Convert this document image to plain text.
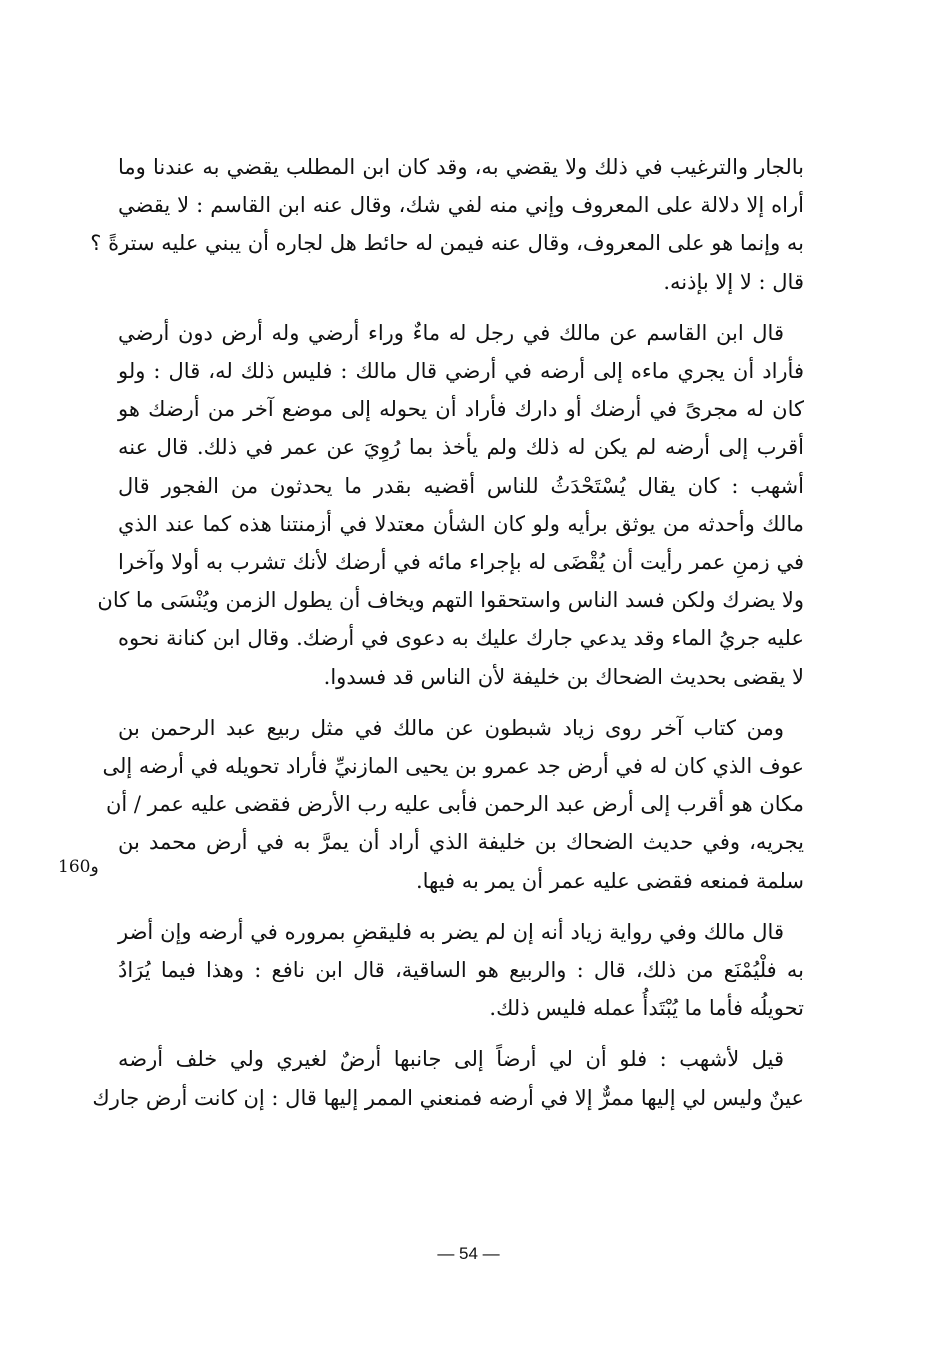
بالجار والترغيب في ذلك ولا يقضي به، وقد كان ابن المطلب يقضي به عندنا وما
أراه إلا دلالة على المعروف وإني منه لفي شك، وقال عنه ابن القاسم : لا يقضي
به وإنما هو على المعروف، وقال عنه فيمن له حائط هل لجاره أن يبني عليه سترةً ؟
قال : لا إلا بإذنه.

قال ابن القاسم عن مالك في رجل له ماءٌ وراء أرضي وله أرض دون أرضي
فأراد أن يجري ماءه إلى أرضه في أرضي قال مالك : فليس ذلك له، قال : ولو
كان له مجرىً في أرضك أو دارك فأراد أن يحوله إلى موضع آخر من أرضك هو
أقرب إلى أرضه لم يكن له ذلك ولم يأخذ بما رُوِيَ عن عمر في ذلك. قال عنه
أشهب : كان يقال يُسْتَحْدَثُ للناس أقضيه بقدر ما يحدثون من الفجور قال
مالك وأحدثه من يوثق برأيه ولو كان الشأن معتدلا في أزمنتنا هذه كما عند الذي
في زمنِ عمر رأيت أن يُقْضَى له بإجراء مائه في أرضك لأنك تشرب به أولا وآخرا
ولا يضرك ولكن فسد الناس واستحقوا التهم ويخاف أن يطول الزمن ويُنْسَى ما كان
عليه جريُ الماء وقد يدعي جارك عليك به دعوى في أرضك. وقال ابن كنانة نحوه
لا يقضى بحديث الضحاك بن خليفة لأن الناس قد فسدوا.

ومن كتاب آخر روى زياد شبطون عن مالك في مثل ربيع عبد الرحمن بن
عوف الذي كان له في أرض جد عمرو بن يحيى المازنيِّ فأراد تحويله في أرضه إلى
مكان هو أقرب إلى أرض عبد الرحمن فأبى عليه رب الأرض فقضى عليه عمر / أن
يجريه، وفي حديث الضحاك بن خليفة الذي أراد أن يمرَّ به في أرض محمد بن
سلمة فمنعه فقضى عليه عمر أن يمر به فيها.

قال مالك وفي رواية زياد أنه إن لم يضر به فليقضِ بمروره في أرضه وإن أضر
به فلْيُمْنَع من ذلك، قال : والربيع هو الساقية، قال ابن نافع : وهذا فيما يُرَادُ
تحويلُه فأما ما يُبْتَدأُ عمله فليس ذلك.

قيل لأشهب : فلو أن لي أرضاً إلى جانبها أرضٌ لغيري ولي خلف أرضه
عينٌ وليس لي إليها ممرٌّ إلا في أرضه فمنعني الممر إليها قال : إن كانت أرض جارك

160و
— 54 —
